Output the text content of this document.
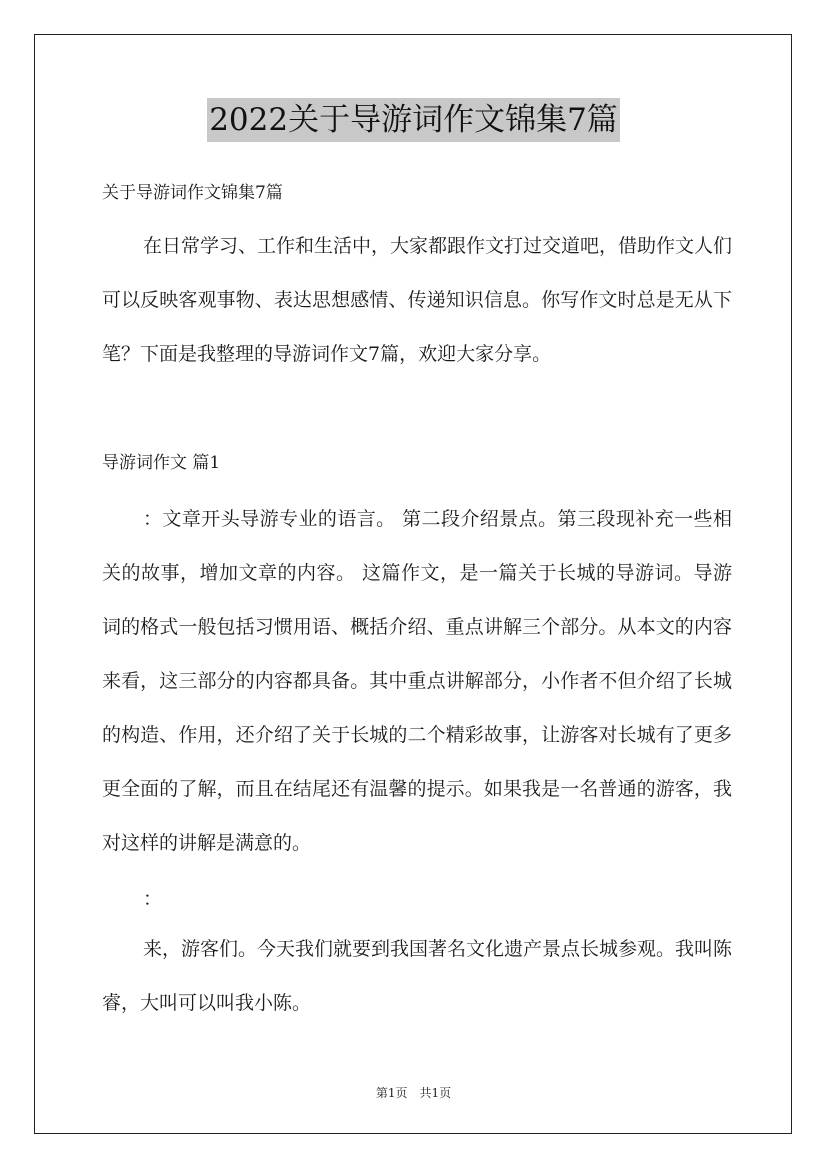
2022关于导游词作文锦集7篇
关于导游词作文锦集7篇
在日常学习、工作和生活中，大家都跟作文打过交道吧，借助作文人们可以反映客观事物、表达思想感情、传递知识信息。你写作文时总是无从下笔？下面是我整理的导游词作文7篇，欢迎大家分享。
导游词作文 篇1
：文章开头导游专业的语言。 第二段介绍景点。第三段现补充一些相关的故事，增加文章的内容。 这篇作文，是一篇关于长城的导游词。导游词的格式一般包括习惯用语、概括介绍、重点讲解三个部分。从本文的内容来看，这三部分的内容都具备。其中重点讲解部分，小作者不但介绍了长城的构造、作用，还介绍了关于长城的二个精彩故事，让游客对长城有了更多更全面的了解，而且在结尾还有温馨的提示。如果我是一名普通的游客，我对这样的讲解是满意的。
：
来，游客们。今天我们就要到我国著名文化遗产景点长城参观。我叫陈睿，大叫可以叫我小陈。
第1页　共1页
